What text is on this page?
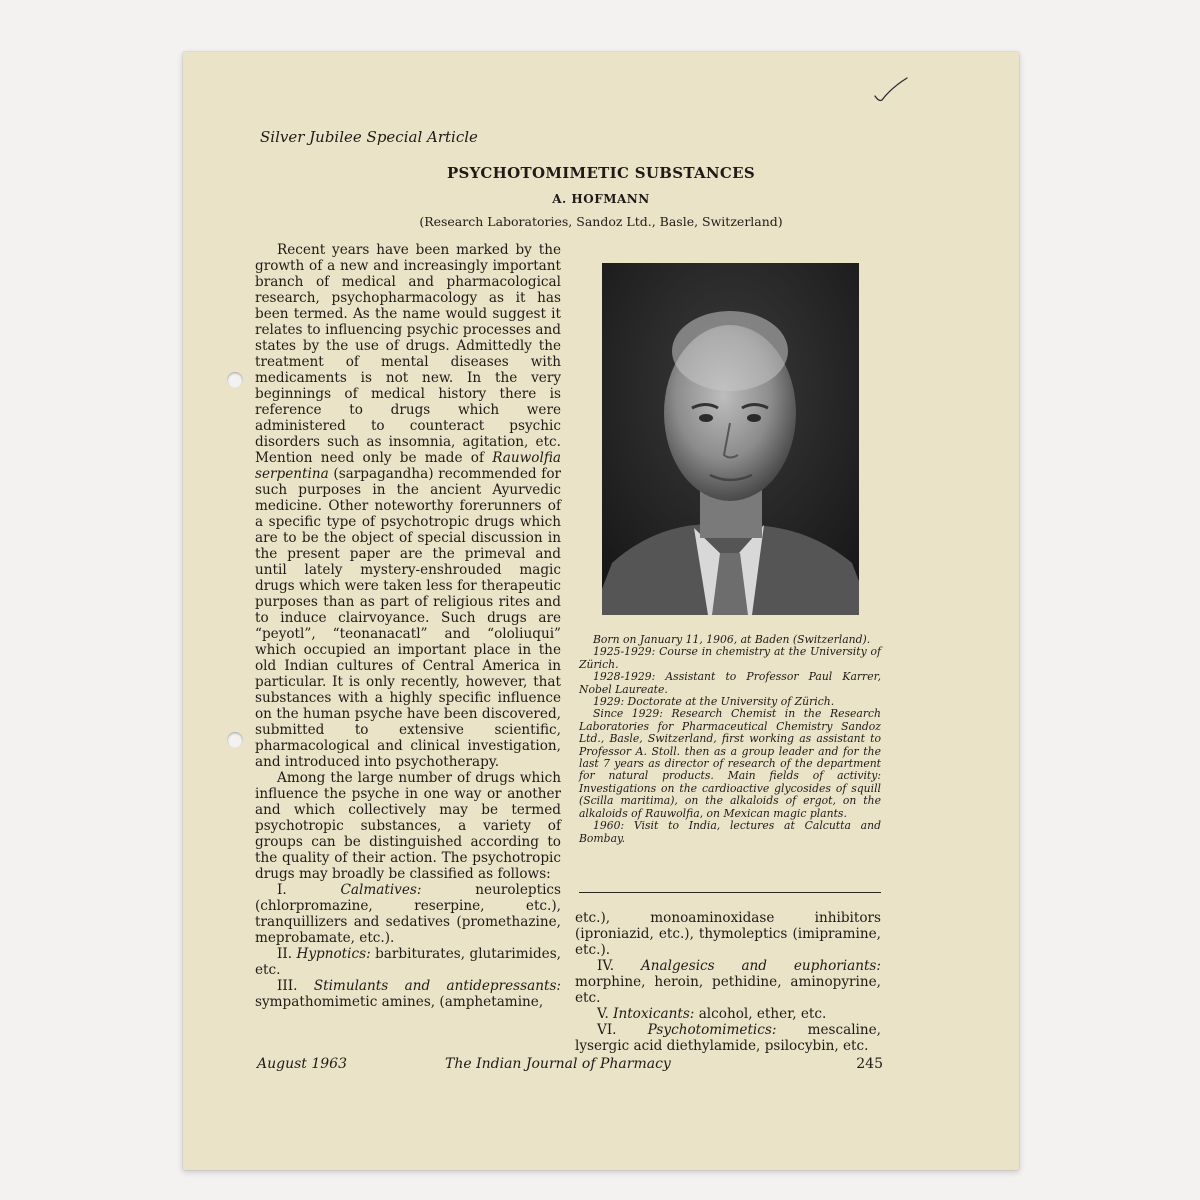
Silver Jubilee Special Article
PSYCHOTOMIMETIC SUBSTANCES
A. HOFMANN
(Research Laboratories, Sandoz Ltd., Basle, Switzerland)

Recent years have been marked by the growth of a new and increasingly important branch of medical and pharmacological research, psychopharmacology as it has been termed. As the name would suggest it relates to influencing psychic processes and states by the use of drugs. Admittedly the treatment of mental diseases with medicaments is not new. In the very beginnings of medical history there is reference to drugs which were administered to counteract psychic disorders such as insomnia, agitation, etc. Mention need only be made of Rauwolfia serpentina (sarpagandha) recommended for such purposes in the ancient Ayurvedic medicine. Other noteworthy forerunners of a specific type of psychotropic drugs which are to be the object of special discussion in the present paper are the primeval and until lately mystery-enshrouded magic drugs which were taken less for therapeutic purposes than as part of religious rites and to induce clairvoyance. Such drugs are “peyotl”, “teonanacatl” and “ololiuqui” which occupied an important place in the old Indian cultures of Central America in particular. It is only recently, however, that substances with a highly specific influence on the human psyche have been discovered, submitted to extensive scientific, pharmacological and clinical investigation, and introduced into psychotherapy.

Among the large number of drugs which influence the psyche in one way or another and which collectively may be termed psychotropic substances, a variety of groups can be distinguished according to the quality of their action. The psychotropic drugs may broadly be classified as follows:

I.	Calmatives:	neuroleptics (chlorpromazine, reserpine, etc.), tranquillizers and sedatives (promethazine, meprobamate, etc.).

II. Hypnotics: barbiturates, glutarimides, etc.

III. Stimulants and antidepressants: sympathomimetic amines, (amphetamine,

Born on January 11, 1906, at Baden (Switzerland).

1925-1929: Course in chemistry at the University of Zürich.

1928-1929: Assistant to Professor Paul Karrer, Nobel Laureate.

1929: Doctorate at the University of Zürich.

Since 1929: Research Chemist in the Research Laboratories for Pharmaceutical Chemistry Sandoz Ltd., Basle, Switzerland, first working as assistant to Professor A. Stoll. then as a group leader and for the last 7 years as director of research of the department for natural products. Main fields of activity: Investigations on the cardioactive glycosides of squill (Scilla maritima), on the alkaloids of ergot, on the alkaloids of Rauwolfia, on Mexican magic plants.

1960: Visit to India, lectures at Calcutta and Bombay.

etc.), monoaminoxidase inhibitors (iproniazid, etc.), thymoleptics (imipramine, etc.).

IV. Analgesics and euphoriants: morphine, heroin, pethidine, aminopyrine, etc.

V. Intoxicants: alcohol, ether, etc.

VI. Psychotomimetics: mescaline, lysergic acid diethylamide, psilocybin, etc.

August 1963	The Indian Journal of Pharmacy	245
